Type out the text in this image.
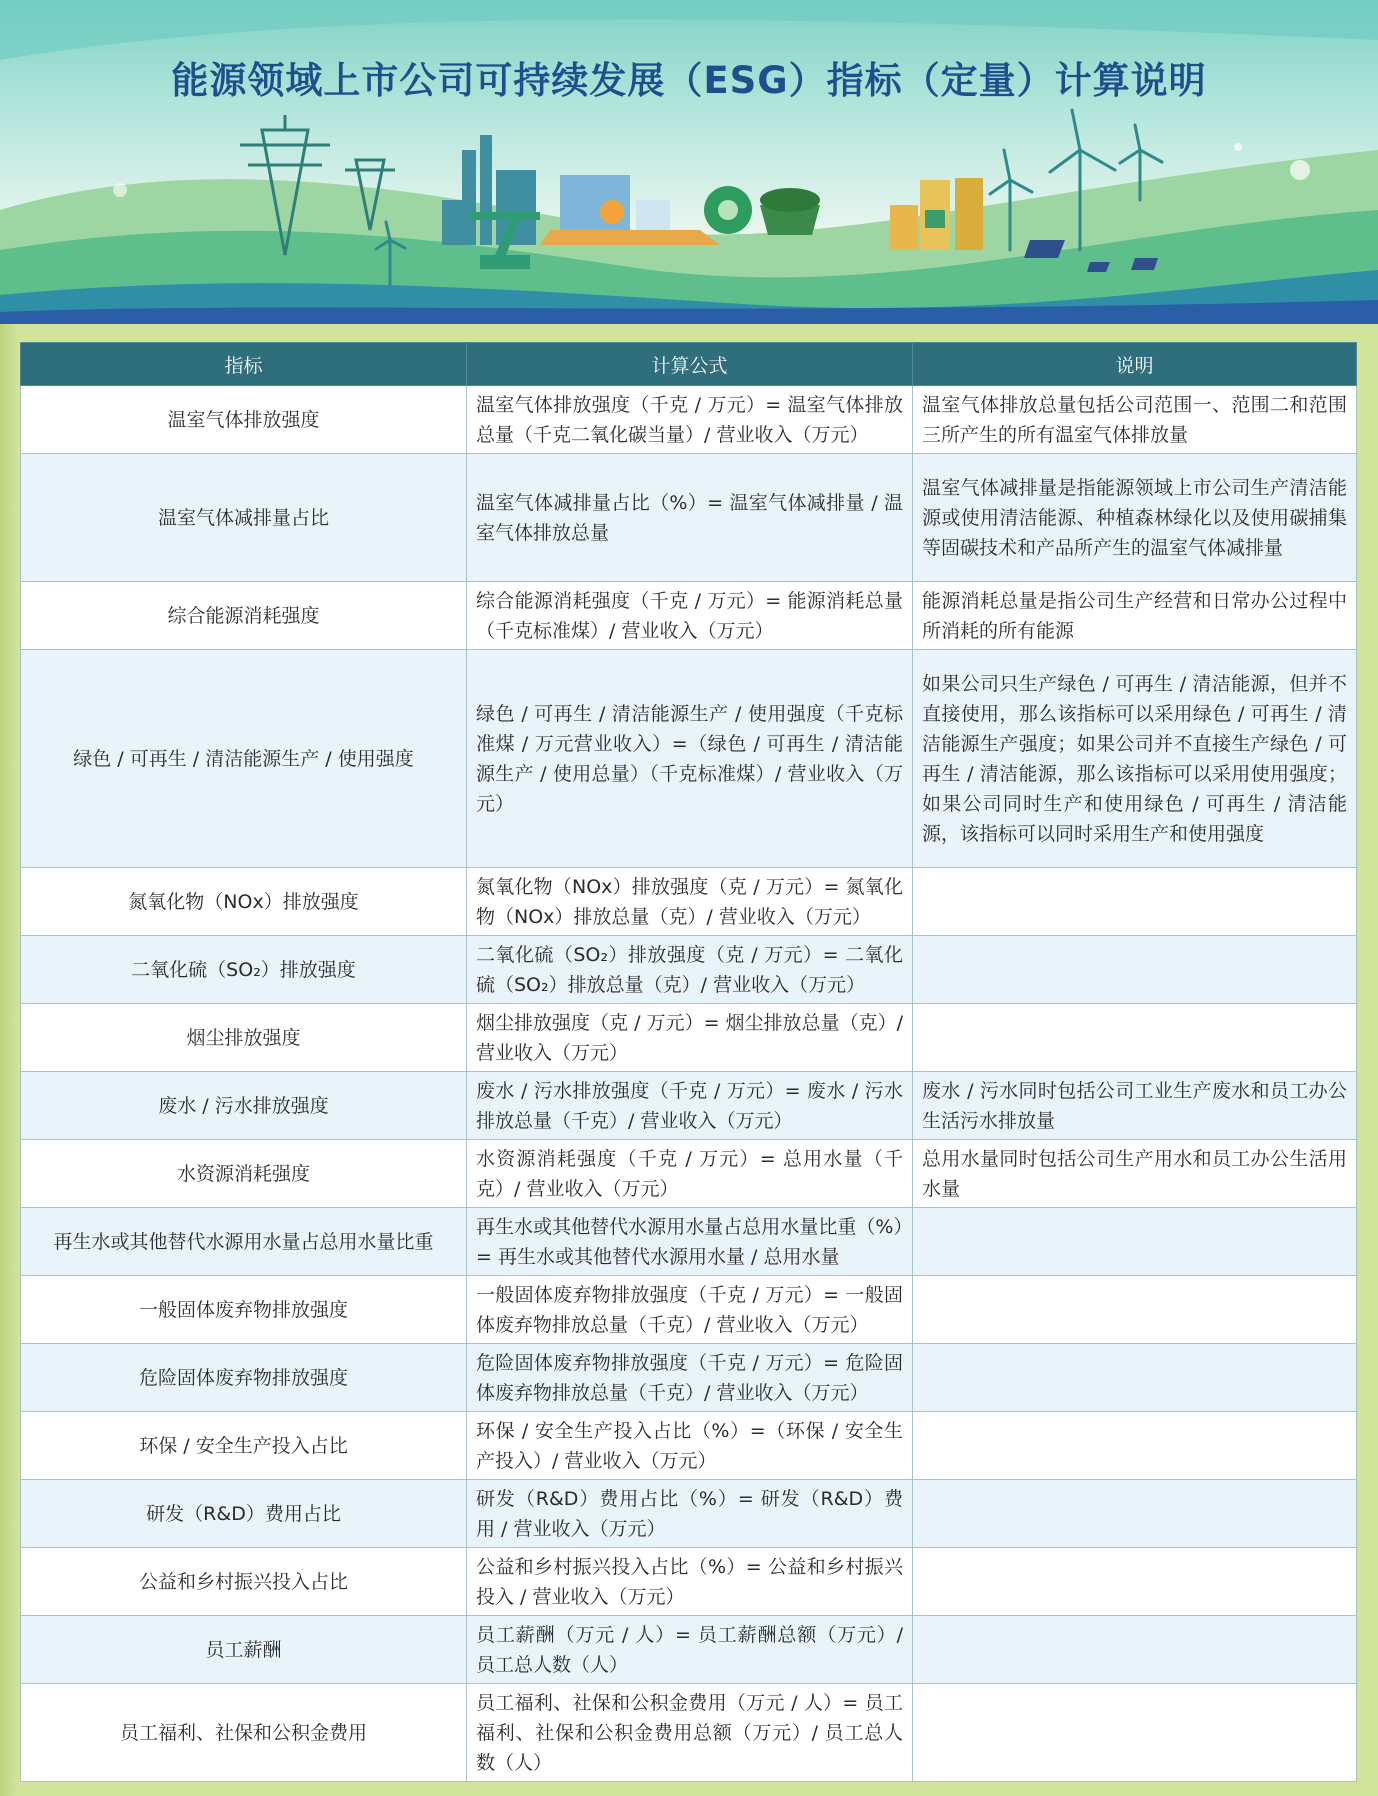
能源领域上市公司可持续发展（ESG）指标（定量）计算说明
指标	计算公式	说明
温室气体排放强度	温室气体排放强度（千克 / 万元）= 温室气体排放总量（千克二氧化碳当量）/ 营业收入（万元）	温室气体排放总量包括公司范围一、范围二和范围三所产生的所有温室气体排放量
温室气体减排量占比	温室气体减排量占比（%）= 温室气体减排量 / 温室气体排放总量	温室气体减排量是指能源领域上市公司生产清洁能源或使用清洁能源、种植森林绿化以及使用碳捕集等固碳技术和产品所产生的温室气体减排量
综合能源消耗强度	综合能源消耗强度（千克 / 万元）= 能源消耗总量（千克标准煤）/ 营业收入（万元）	能源消耗总量是指公司生产经营和日常办公过程中所消耗的所有能源
绿色 / 可再生 / 清洁能源生产 / 使用强度	绿色 / 可再生 / 清洁能源生产 / 使用强度（千克标准煤 / 万元营业收入）=（绿色 / 可再生 / 清洁能源生产 / 使用总量）（千克标准煤）/ 营业收入（万元）	如果公司只生产绿色 / 可再生 / 清洁能源，但并不直接使用，那么该指标可以采用绿色 / 可再生 / 清洁能源生产强度；如果公司并不直接生产绿色 / 可再生 / 清洁能源，那么该指标可以采用使用强度；如果公司同时生产和使用绿色 / 可再生 / 清洁能源，该指标可以同时采用生产和使用强度
氮氧化物（NOx）排放强度	氮氧化物（NOx）排放强度（克 / 万元）= 氮氧化物（NOx）排放总量（克）/ 营业收入（万元）	
二氧化硫（SO₂）排放强度	二氧化硫（SO₂）排放强度（克 / 万元）= 二氧化硫（SO₂）排放总量（克）/ 营业收入（万元）	
烟尘排放强度	烟尘排放强度（克 / 万元）= 烟尘排放总量（克）/ 营业收入（万元）	
废水 / 污水排放强度	废水 / 污水排放强度（千克 / 万元）= 废水 / 污水排放总量（千克）/ 营业收入（万元）	废水 / 污水同时包括公司工业生产废水和员工办公生活污水排放量
水资源消耗强度	水资源消耗强度（千克 / 万元）= 总用水量（千克）/ 营业收入（万元）	总用水量同时包括公司生产用水和员工办公生活用水量
再生水或其他替代水源用水量占总用水量比重	再生水或其他替代水源用水量占总用水量比重（%）= 再生水或其他替代水源用水量 / 总用水量	
一般固体废弃物排放强度	一般固体废弃物排放强度（千克 / 万元）= 一般固体废弃物排放总量（千克）/ 营业收入（万元）	
危险固体废弃物排放强度	危险固体废弃物排放强度（千克 / 万元）= 危险固体废弃物排放总量（千克）/ 营业收入（万元）	
环保 / 安全生产投入占比	环保 / 安全生产投入占比（%）=（环保 / 安全生产投入）/ 营业收入（万元）	
研发（R&D）费用占比	研发（R&D）费用占比（%）= 研发（R&D）费用 / 营业收入（万元）	
公益和乡村振兴投入占比	公益和乡村振兴投入占比（%）= 公益和乡村振兴投入 / 营业收入（万元）	
员工薪酬	员工薪酬（万元 / 人）= 员工薪酬总额（万元）/ 员工总人数（人）	
员工福利、社保和公积金费用	员工福利、社保和公积金费用（万元 / 人）= 员工福利、社保和公积金费用总额（万元）/ 员工总人数（人）	
